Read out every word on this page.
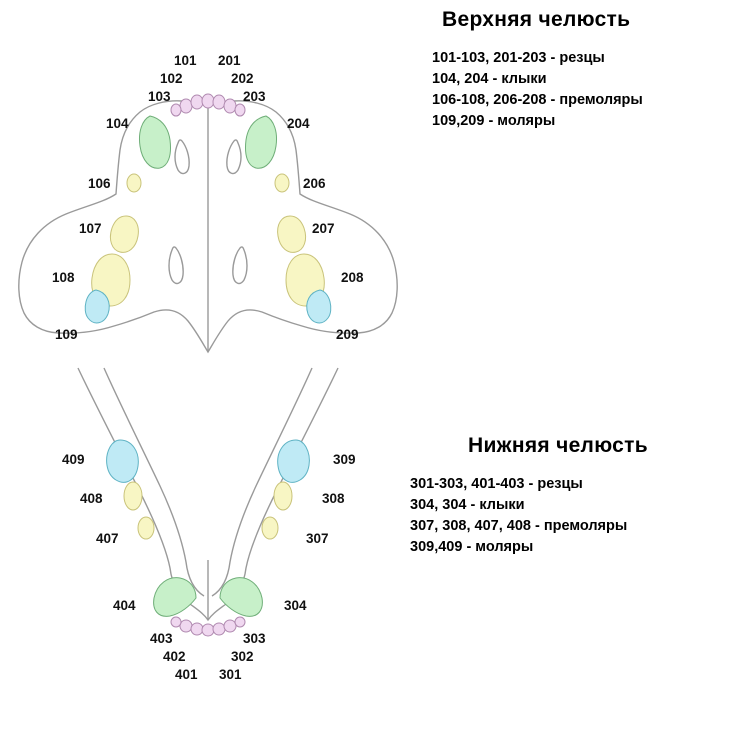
Верхняя челюсть
101-103, 201-203 - резцы
104, 204 - клыки
106-108, 206-208 - премоляры
109,209 - моляры
Нижняя челюсть
301-303, 401-403 - резцы
304, 304 - клыки
307, 308, 407, 408 - премоляры
309,409 - моляры
101 201
102	202
103	203
104	204
106	206
107	207
108	208
109	209
409	309
408	308
407	307
404	304
403	303
402	302
401 301
